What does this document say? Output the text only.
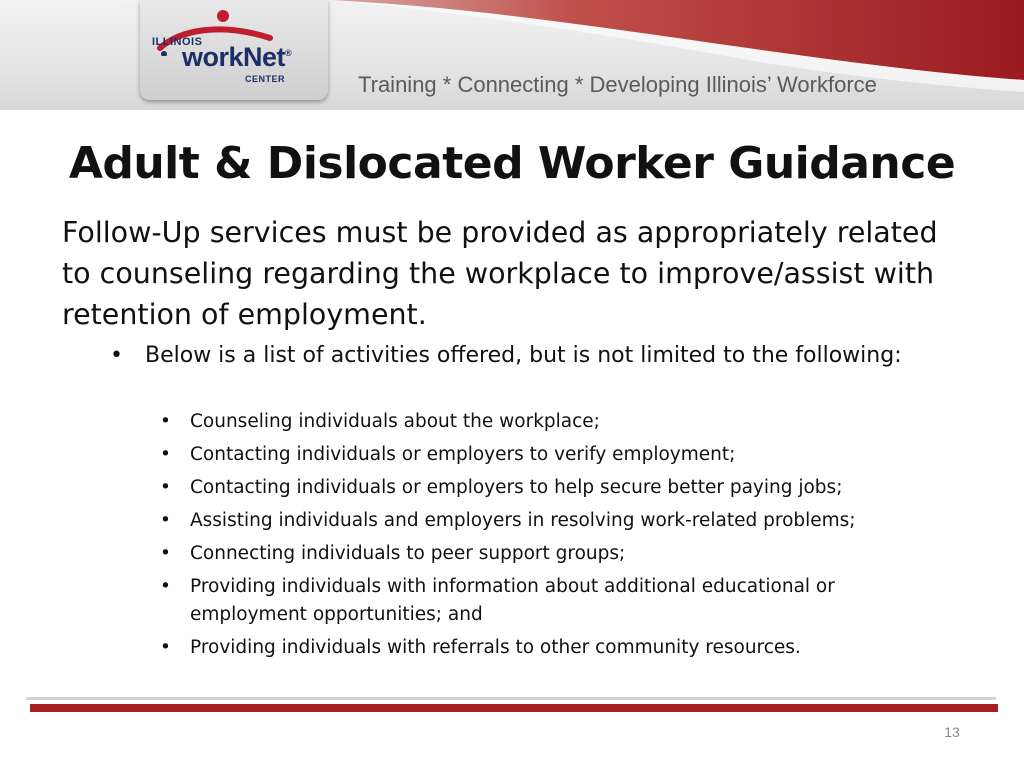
ILLINOIS
workNet®
CENTER	Training * Connecting * Developing Illinois’ Workforce
Adult & Dislocated Worker Guidance

Follow-Up services must be provided as appropriately related to counseling regarding the workplace to improve/assist with retention of employment.

• Below is a list of activities offered, but is not limited to the following:
• Counseling individuals about the workplace;
• Contacting individuals or employers to verify employment;
• Contacting individuals or employers to help secure better paying jobs;
• Assisting individuals and employers in resolving work-related problems;
• Connecting individuals to peer support groups;
• Providing individuals with information about additional educational or employment opportunities; and
• Providing individuals with referrals to other community resources.
13
